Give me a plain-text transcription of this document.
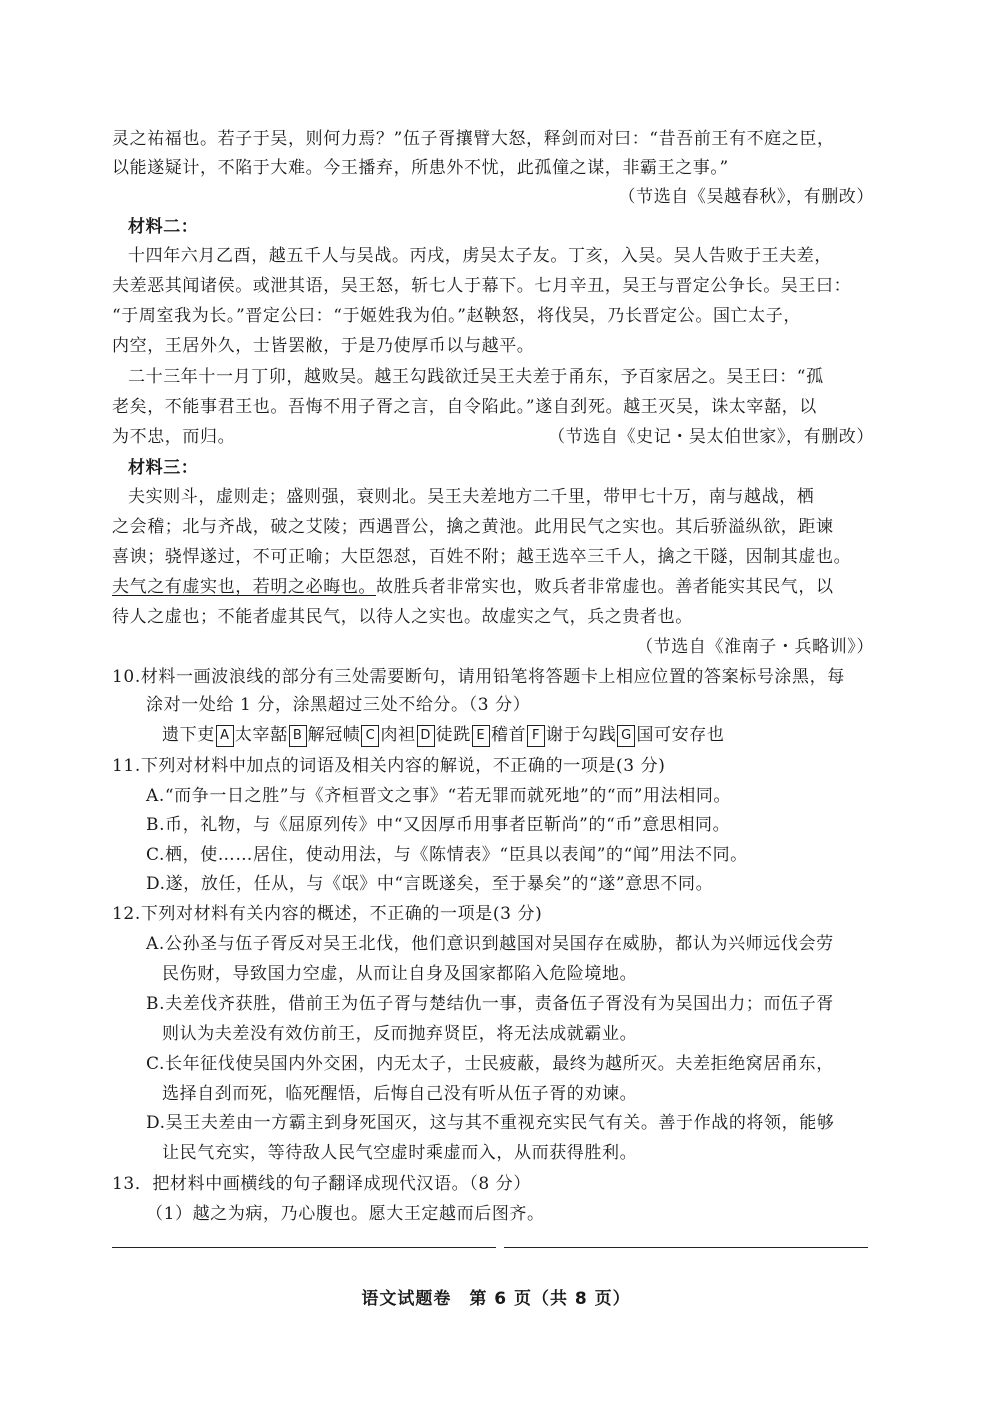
灵之祐福也。若子于吴，则何力焉？”伍子胥攘臂大怒，释剑而对曰：“昔吾前王有不庭之臣，
以能遂疑计，不陷于大难。今王播弃，所患外不忧，此孤僮之谋，非霸王之事。”
（节选自《吴越春秋》，有删改）
材料二：
十四年六月乙酉，越五千人与吴战。丙戌，虏吴太子友。丁亥，入吴。吴人告败于王夫差，
夫差恶其闻诸侯。或泄其语，吴王怒，斩七人于幕下。七月辛丑，吴王与晋定公争长。吴王曰：
“于周室我为长。”晋定公曰：“于姬姓我为伯。”赵鞅怒，将伐吴，乃长晋定公。国亡太子，
内空，王居外久，士皆罢敝，于是乃使厚币以与越平。
二十三年十一月丁卯，越败吴。越王勾践欲迁吴王夫差于甬东，予百家居之。吴王曰：“孤
老矣，不能事君王也。吾悔不用子胥之言，自令陷此。”遂自刭死。越王灭吴，诛太宰嚭，以
为不忠，而归。	（节选自《史记・吴太伯世家》，有删改）
材料三：
夫实则斗，虚则走；盛则强，衰则北。吴王夫差地方二千里，带甲七十万，南与越战，栖
之会稽；北与齐战，破之艾陵；西遇晋公，擒之黄池。此用民气之实也。其后骄溢纵欲，距谏
喜谀；骁悍遂过，不可正喻；大臣怨怼，百姓不附；越王选卒三千人，擒之干隧，因制其虚也。
夫气之有虚实也，若明之必晦也。故胜兵者非常实也，败兵者非常虚也。善者能实其民气，以
待人之虚也；不能者虚其民气，以待人之实也。故虚实之气，兵之贵者也。
（节选自《淮南子・兵略训》）
10.材料一画波浪线的部分有三处需要断句，请用铅笔将答题卡上相应位置的答案标号涂黑，每
涂对一处给 1 分，涂黑超过三处不给分。（3 分）
遗下吏 A 太宰嚭 B 解冠帻 C 肉袒 D 徒跣 E 稽首 F 谢于勾践 G 国可安存也
11.下列对材料中加点的词语及相关内容的解说，不正确的一项是(3 分)
A.“而争一日之胜”与《齐桓晋文之事》“若无罪而就死地”的“而”用法相同。
B.币，礼物，与《屈原列传》中“又因厚币用事者臣靳尚”的“币”意思相同。
C.栖，使……居住，使动用法，与《陈情表》“臣具以表闻”的“闻”用法不同。
D.遂，放任，任从，与《氓》中“言既遂矣，至于暴矣”的“遂”意思不同。
12.下列对材料有关内容的概述，不正确的一项是(3 分)
A.公孙圣与伍子胥反对吴王北伐，他们意识到越国对吴国存在威胁，都认为兴师远伐会劳
民伤财，导致国力空虚，从而让自身及国家都陷入危险境地。
B.夫差伐齐获胜，借前王为伍子胥与楚结仇一事，责备伍子胥没有为吴国出力；而伍子胥
则认为夫差没有效仿前王，反而抛弃贤臣，将无法成就霸业。
C.长年征伐使吴国内外交困，内无太子，士民疲蔽，最终为越所灭。夫差拒绝窝居甬东，
选择自刭而死，临死醒悟，后悔自己没有听从伍子胥的劝谏。
D.吴王夫差由一方霸主到身死国灭，这与其不重视充实民气有关。善于作战的将领，能够
让民气充实，等待敌人民气空虚时乘虚而入，从而获得胜利。
13．把材料中画横线的句子翻译成现代汉语。（8 分）
（1）越之为病，乃心腹也。愿大王定越而后图齐。
语文试题卷　第 6 页（共 8 页）
